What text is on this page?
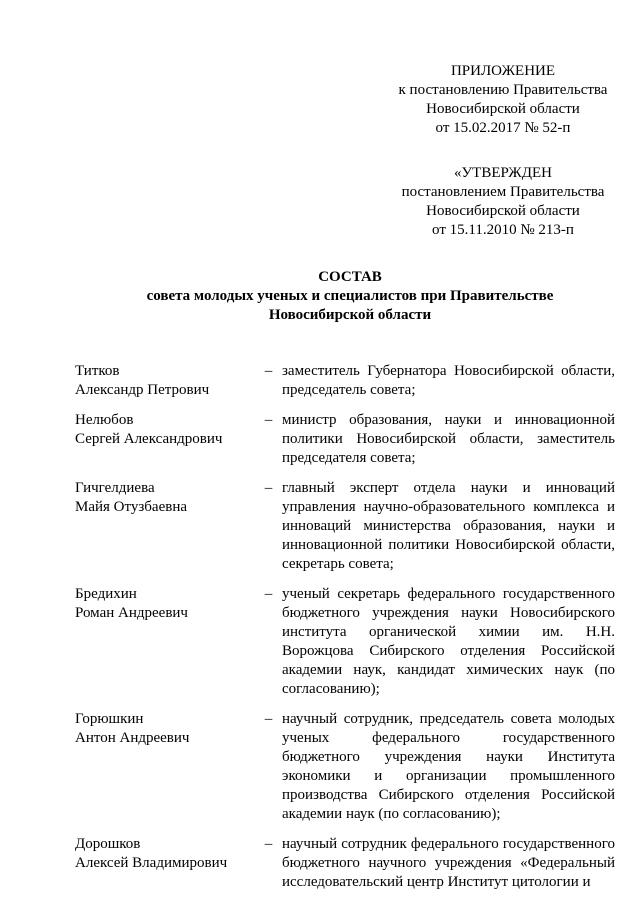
ПРИЛОЖЕНИЕ
к постановлению Правительства
Новосибирской области
от 15.02.2017 № 52-п
«УТВЕРЖДЕН
постановлением Правительства
Новосибирской области
от 15.11.2010 № 213-п
СОСТАВ
совета молодых ученых и специалистов при Правительстве
Новосибирской области
Титков
Александр Петрович
– заместитель Губернатора Новосибирской области, председатель совета;
Нелюбов
Сергей Александрович
– министр образования, науки и инновационной политики Новосибирской области, заместитель председателя совета;
Гичгелдиева
Майя Отузбаевна
– главный эксперт отдела науки и инноваций управления научно-образовательного комплекса и инноваций министерства образования, науки и инновационной политики Новосибирской области, секретарь совета;
Бредихин
Роман Андреевич
– ученый секретарь федерального государственного бюджетного учреждения науки Новосибирского института органической химии им. Н.Н. Ворожцова Сибирского отделения Российской академии наук, кандидат химических наук (по согласованию);
Горюшкин
Антон Андреевич
– научный сотрудник, председатель совета молодых ученых федерального государственного бюджетного учреждения науки Института экономики и организации промышленного производства Сибирского отделения Российской академии наук (по согласованию);
Дорошков
Алексей Владимирович
– научный сотрудник федерального государственного бюджетного научного учреждения «Федеральный исследовательский центр Институт цитологии и
